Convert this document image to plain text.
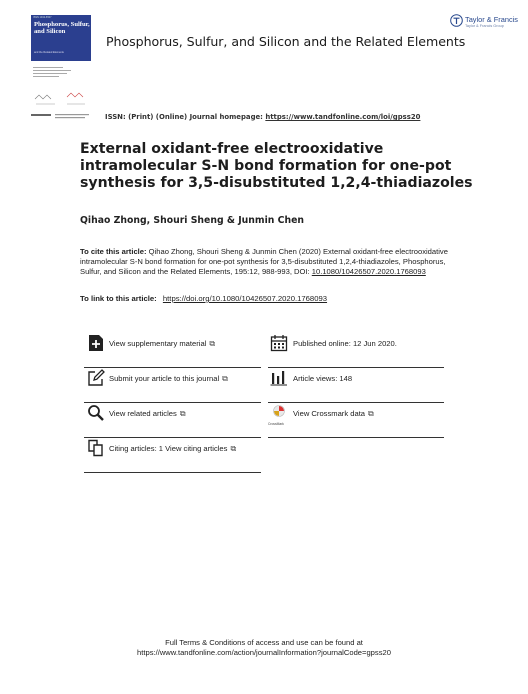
ISSN 1042-6507
Phosphorus, Sulfur, and Silicon
and the Related Elements
Phosphorus, Sulfur, and Silicon and the Related Elements
Taylor & Francis
Taylor & Francis Group
ISSN: (Print) (Online) Journal homepage: https://www.tandfonline.com/loi/gpss20
External oxidant-free electrooxidative intramolecular S-N bond formation for one-pot synthesis for 3,5-disubstituted 1,2,4-thiadiazoles
Qihao Zhong, Shouri Sheng & Junmin Chen
To cite this article: Qihao Zhong, Shouri Sheng & Junmin Chen (2020) External oxidant-free electrooxidative intramolecular S-N bond formation for one-pot synthesis for 3,5-disubstituted 1,2,4-thiadiazoles, Phosphorus, Sulfur, and Silicon and the Related Elements, 195:12, 988-993, DOI: 10.1080/10426507.2020.1768093
To link to this article: https://doi.org/10.1080/10426507.2020.1768093
View supplementary material ⧉	Published online: 12 Jun 2020.
Submit your article to this journal ⧉	Article views: 148
View related articles ⧉
CrossMark
View Crossmark data ⧉
Citing articles: 1 View citing articles ⧉
Full Terms & Conditions of access and use can be found at
https://www.tandfonline.com/action/journalInformation?journalCode=gpss20
